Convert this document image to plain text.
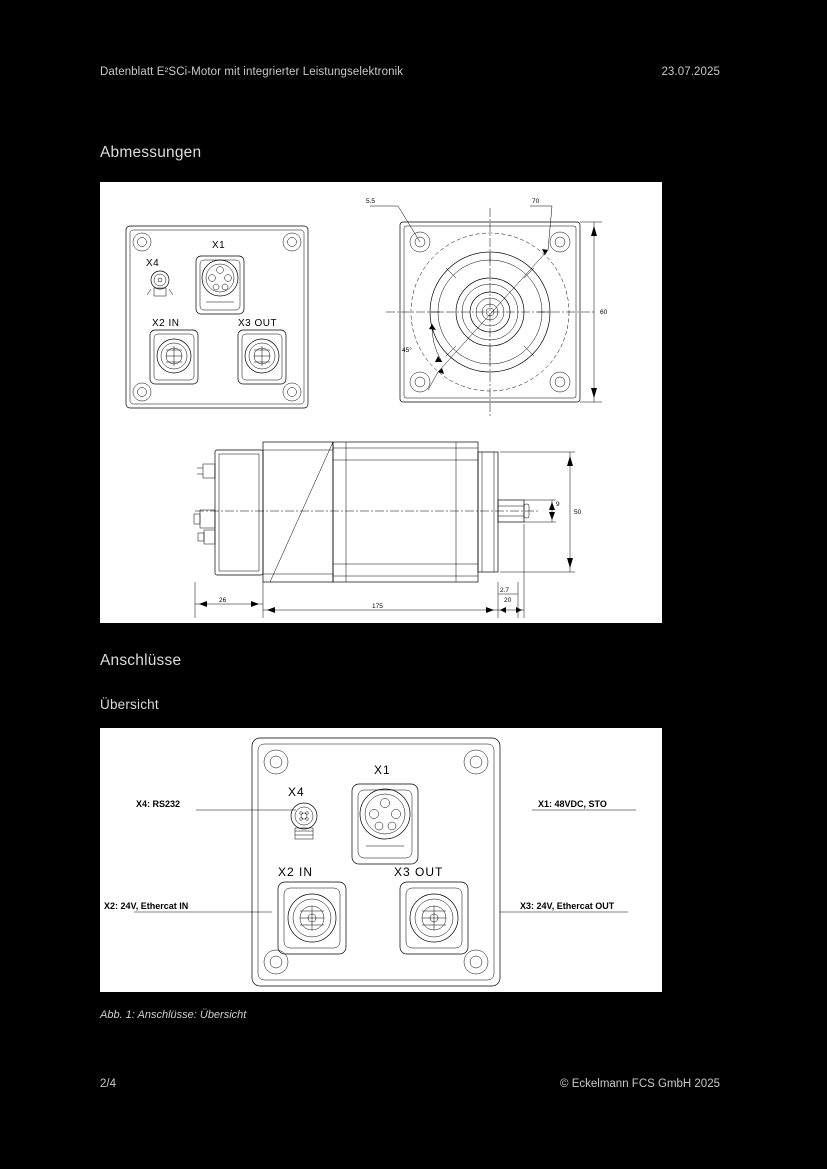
Datenblatt E²SCi-Motor mit integrierter Leistungselektronik	23.07.2025
Abmessungen
X1
X4
X2 IN	X3 OUT
5.5	70
45°
60
50
9
26
175
2.7
20
Anschlüsse
Übersicht
X1
X4
X2 IN	X3 OUT
X4: RS232	X1: 48VDC, STO
X2: 24V, Ethercat IN	X3: 24V, Ethercat OUT
Abb. 1: Anschlüsse: Übersicht
2/4	© Eckelmann FCS GmbH 2025
